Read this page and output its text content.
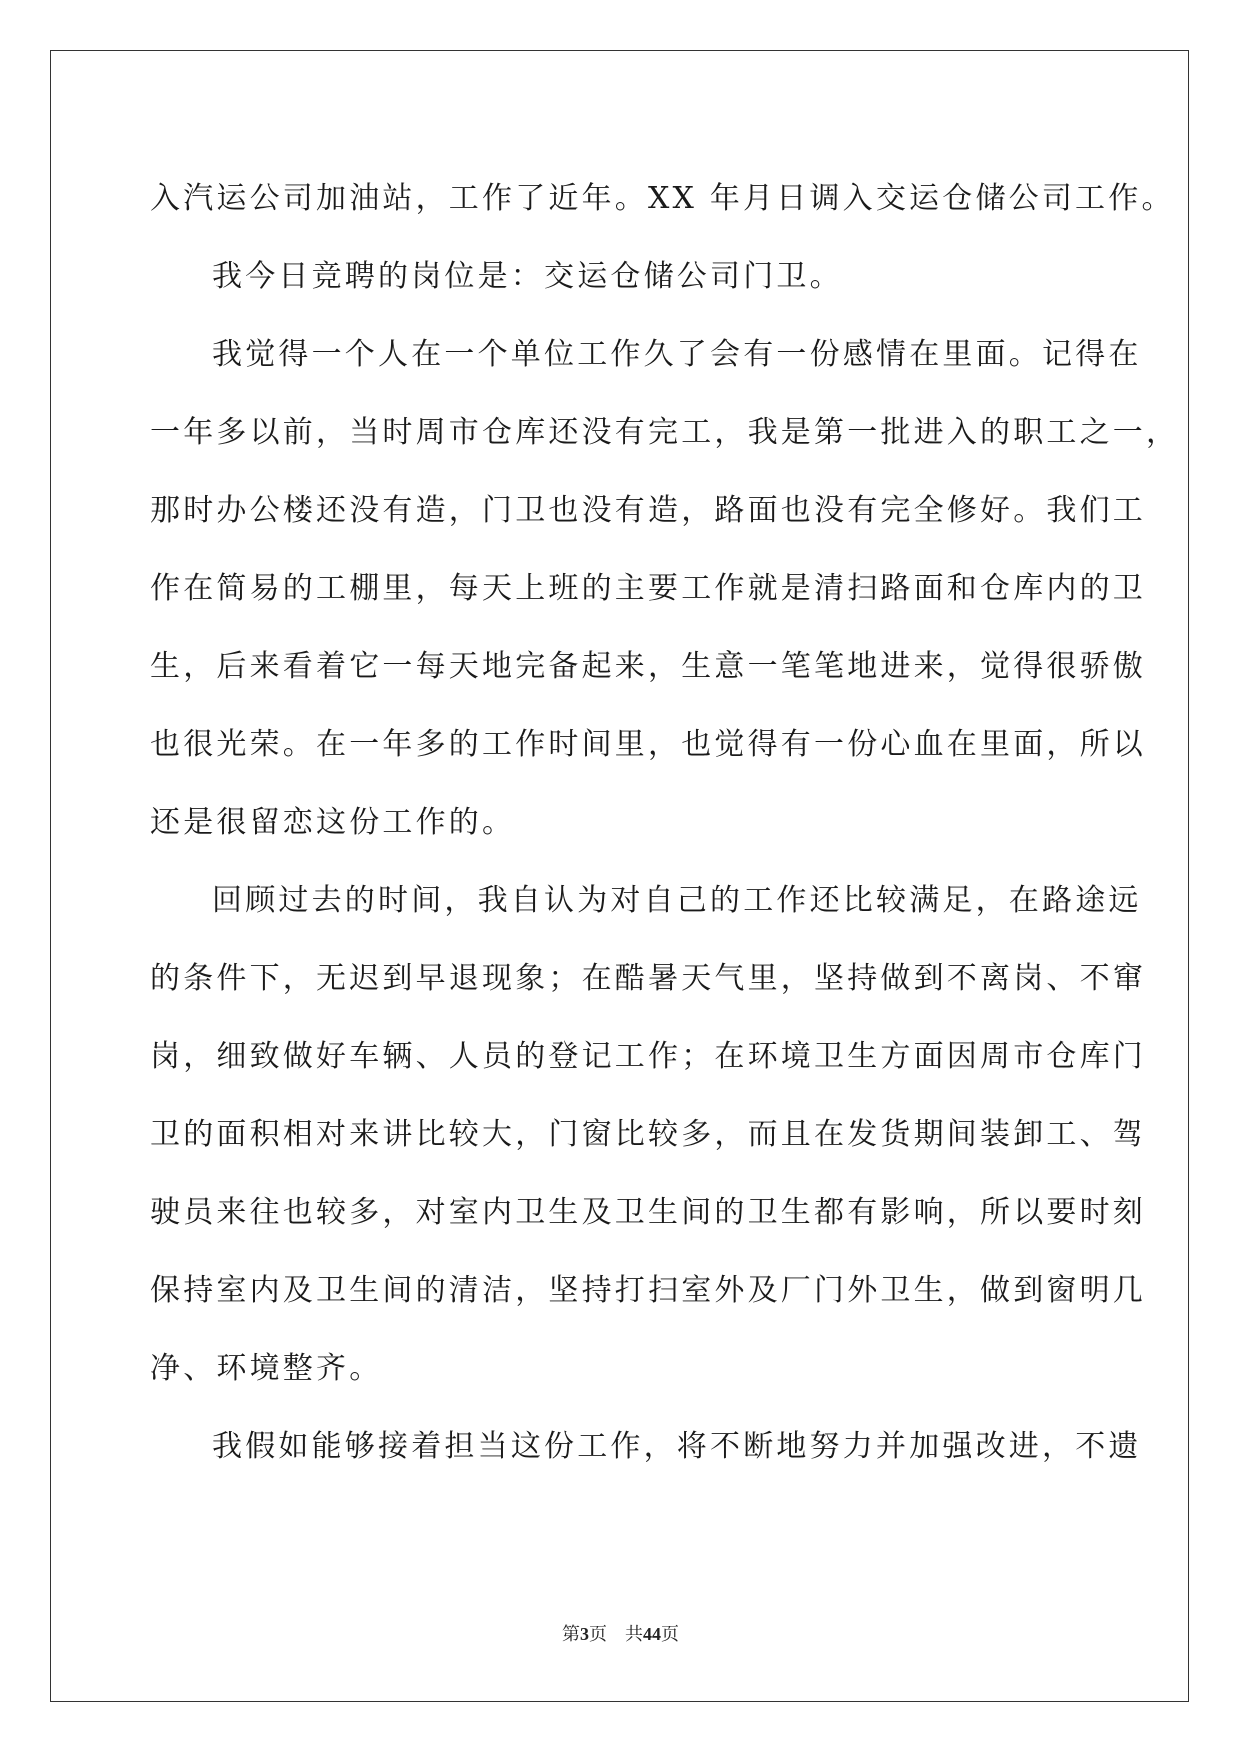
入汽运公司加油站，工作了近年。XX 年月日调入交运仓储公司工作。
我今日竞聘的岗位是：交运仓储公司门卫。
我觉得一个人在一个单位工作久了会有一份感情在里面。记得在
一年多以前，当时周市仓库还没有完工，我是第一批进入的职工之一，
那时办公楼还没有造，门卫也没有造，路面也没有完全修好。我们工
作在简易的工棚里，每天上班的主要工作就是清扫路面和仓库内的卫
生，后来看着它一每天地完备起来，生意一笔笔地进来，觉得很骄傲
也很光荣。在一年多的工作时间里，也觉得有一份心血在里面，所以
还是很留恋这份工作的。
回顾过去的时间，我自认为对自己的工作还比较满足，在路途远
的条件下，无迟到早退现象；在酷暑天气里，坚持做到不离岗、不窜
岗，细致做好车辆、人员的登记工作；在环境卫生方面因周市仓库门
卫的面积相对来讲比较大，门窗比较多，而且在发货期间装卸工、驾
驶员来往也较多，对室内卫生及卫生间的卫生都有影响，所以要时刻
保持室内及卫生间的清洁，坚持打扫室外及厂门外卫生，做到窗明几
净、环境整齐。
我假如能够接着担当这份工作，将不断地努力并加强改进，不遗
第3页 共44页
